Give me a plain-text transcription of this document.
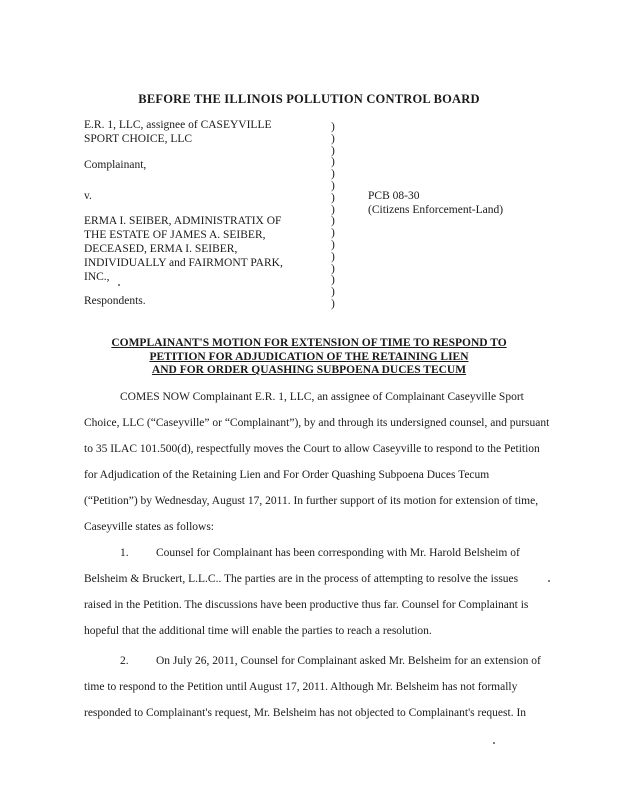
BEFORE THE ILLINOIS POLLUTION CONTROL BOARD
E.R. 1, LLC, assignee of CASEYVILLE
SPORT CHOICE, LLC
Complainant,
v.
ERMA I. SEIBER, ADMINISTRATIX OF
THE ESTATE OF JAMES A. SEIBER,
DECEASED, ERMA I. SEIBER,
INDIVIDUALLY and FAIRMONT PARK,
INC.,
Respondents.
)
)
)
)
)
)
)
)
)
)
)
)
)
)
)
)
PCB 08-30
(Citizens Enforcement-Land)
COMPLAINANT'S MOTION FOR EXTENSION OF TIME TO RESPOND TO
PETITION FOR ADJUDICATION OF THE RETAINING LIEN
AND FOR ORDER QUASHING SUBPOENA DUCES TECUM
COMES NOW Complainant E.R. 1, LLC, an assignee of Complainant Caseyville Sport
Choice, LLC (“Caseyville” or “Complainant”), by and through its undersigned counsel, and pursuant
to 35 ILAC 101.500(d), respectfully moves the Court to allow Caseyville to respond to the Petition
for Adjudication of the Retaining Lien and For Order Quashing Subpoena Duces Tecum
(“Petition”) by Wednesday, August 17, 2011. In further support of its motion for extension of time,
Caseyville states as follows:
1. Counsel for Complainant has been corresponding with Mr. Harold Belsheim of
Belsheim & Bruckert, L.L.C.. The parties are in the process of attempting to resolve the issues
raised in the Petition. The discussions have been productive thus far. Counsel for Complainant is
hopeful that the additional time will enable the parties to reach a resolution.
2. On July 26, 2011, Counsel for Complainant asked Mr. Belsheim for an extension of
time to respond to the Petition until August 17, 2011. Although Mr. Belsheim has not formally
responded to Complainant's request, Mr. Belsheim has not objected to Complainant's request. In
